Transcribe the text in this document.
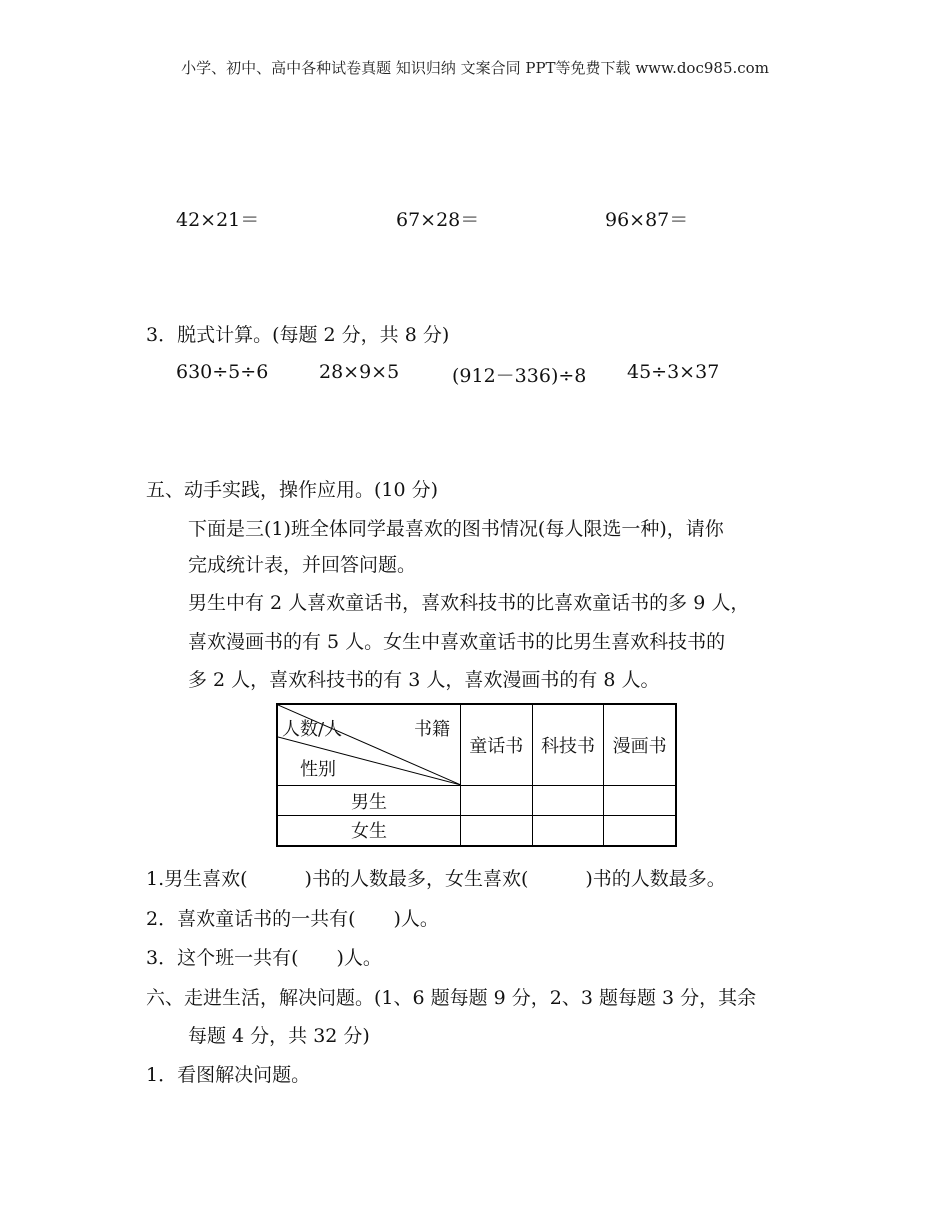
小学、初中、高中各种试卷真题 知识归纳 文案合同 PPT等免费下载 www.doc985.com
42×21＝	67×28＝	96×87＝
3．脱式计算。(每题 2 分，共 8 分)
630÷5÷6	28×9×5	(912－336)÷8 45÷3×37
五、动手实践，操作应用。(10 分)
下面是三(1)班全体同学最喜欢的图书情况(每人限选一种)，请你
完成统计表，并回答问题。
男生中有 2 人喜欢童话书，喜欢科技书的比喜欢童话书的多 9 人，
喜欢漫画书的有 5 人。女生中喜欢童话书的比男生喜欢科技书的
多 2 人，喜欢科技书的有 3 人，喜欢漫画书的有 8 人。
人数/人 书籍
性别	童话书	科技书	漫画书
男生			
女生			
1.男生喜欢(　　　)书的人数最多，女生喜欢(　　　)书的人数最多。
2．喜欢童话书的一共有(　　)人。
3．这个班一共有(　　)人。
六、走进生活，解决问题。(1、6 题每题 9 分，2、3 题每题 3 分，其余
每题 4 分，共 32 分)
1．看图解决问题。
